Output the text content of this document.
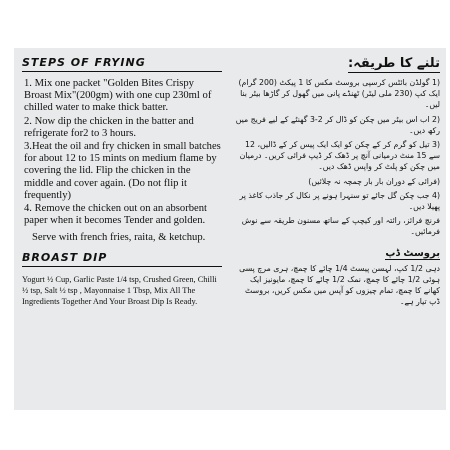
STEPS OF FRYING
1. Mix one packet "Golden Bites Crispy Broast Mix"(200gm) with one cup 230ml of chilled water to make thick batter.
2. Now dip the chicken in the batter and refrigerate for2 to 3 hours.
3.Heat the oil and fry chicken in small batches for about 12 to 15 mints on medium flame by covering the lid. Flip the chicken in the middle and cover again. (Do not flip it frequently)
4. Remove the chicken out on an absorbent paper when it becomes Tender and golden.
Serve with french fries, raita, & ketchup.
BROAST DIP
Yogurt ½ Cup, Garlic Paste 1/4 tsp, Crushed Green, Chilli ½ tsp, Salt ½ tsp , Mayonnaise 1 Tbsp, Mix All The Ingredients Together And Your Broast Dip Is Ready.
تلنے کا طریقہ:

(1 گولڈن بائٹس کرسپی بروسٹ مکس کا 1 پیکٹ (200 گرام) ایک کپ (230 ملی لیٹر) ٹھنڈے پانی میں گھول کر گاڑھا بیٹر بنا لیں۔

(2 اب اس بیٹر میں چکن کو ڈال کر 2-3 گھنٹے کے لیے فریج میں رکھ دیں۔

(3 تیل کو گرم کر کے چکن کو ایک ایک پیس کر کے ڈالیں، 12 سے 15 منٹ درمیانی آنچ پر ڈھک کر ڈیپ فرائی کریں۔ درمیان میں چکن کو پلٹ کر واپس ڈھک دیں۔

(فرائی کے دوران بار بار چمچہ نہ چلائیں)

(4 جب چکن گل جائے تو سنہرا ہونے پر نکال کر جاذب کاغذ پر پھیلا دیں۔

فرنچ فرائز، رائتہ اور کیچپ کے ساتھ مسنون طریقہ سے نوش فرمائیں۔

بروسٹ ڈپ

دہی 1/2 کپ، لہسن پیسٹ 1/4 چائے کا چمچ، ہری مرچ پسی ہوئی 1/2 چائے کا چمچ، نمک 1/2 چائے کا چمچ، مایونیز ایک کھانے کا چمچ، تمام چیزوں کو آپس میں مکس کریں، بروسٹ ڈپ تیار ہے۔
